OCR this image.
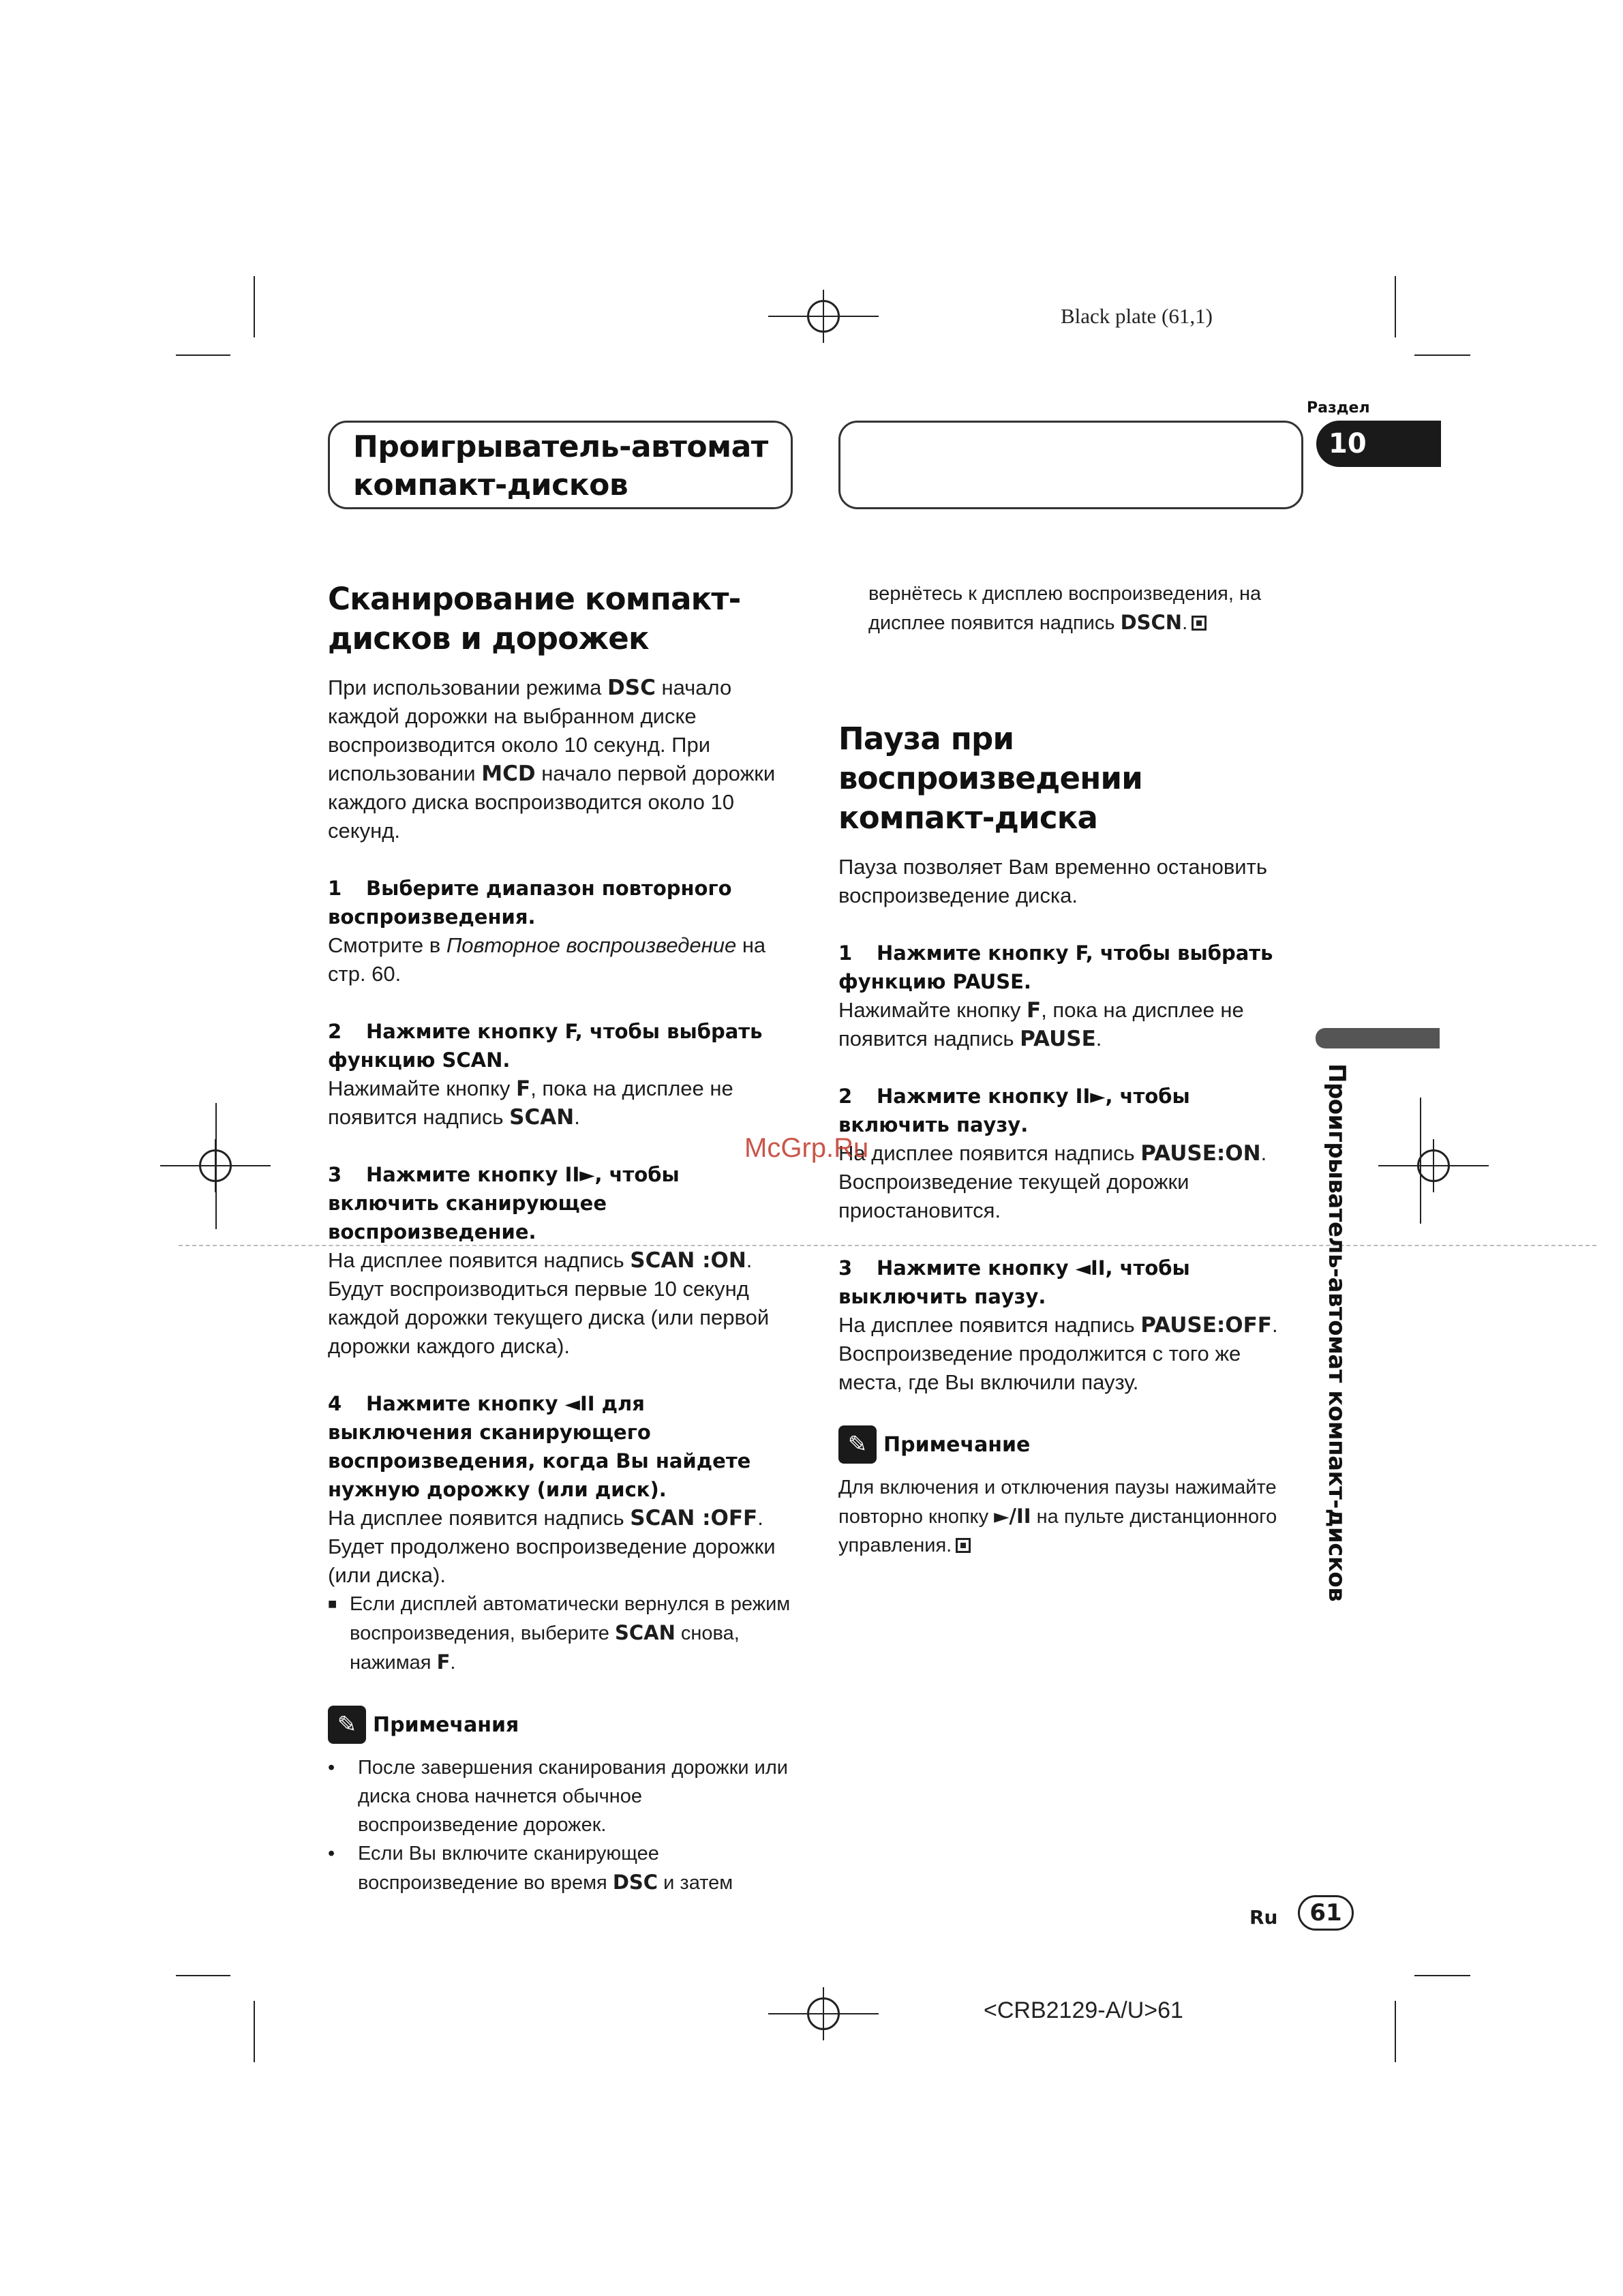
Black plate (61,1)
Проигрыватель-автомат
компакт-дисков
Раздел
10
Сканирование компакт-
дисков и дорожек

При использовании режима DSC начало каждой дорожки на выбранном диске воспроизводится около 10 секунд. При использовании MCD начало первой дорожки каждого диска воспроизводится около 10 секунд.

1 Выберите диапазон повторного воспроизведения.

Смотрите в Повторное воспроизведение на стр. 60.

2 Нажмите кнопку F, чтобы выбрать функцию SCAN.

Нажимайте кнопку F, пока на дисплее не появится надпись SCAN.

3 Нажмите кнопку II►, чтобы включить сканирующее воспроизведение.

На дисплее появится надпись SCAN :ON. Будут воспроизводиться первые 10 секунд каждой дорожки текущего диска (или первой дорожки каждого диска).

4 Нажмите кнопку ◄II для выключения сканирующего воспроизведения, когда Вы найдете нужную дорожку (или диск).

На дисплее появится надпись SCAN :OFF. Будет продолжено воспроизведение дорожки (или диска).

■ Если дисплей автоматически вернулся в режим воспроизведения, выберите SCAN снова, нажимая F.

✎ Примечания
•	После завершения сканирования дорожки или диска снова начнется обычное воспроизведение дорожек.

•	Если Вы включите сканирующее воспроизведение во время DSC и затем

вернётесь к дисплею воспроизведения, на дисплее появится надпись DSCN.

Пауза при воспроизведении
компакт-диска

Пауза позволяет Вам временно остановить воспроизведение диска.

1 Нажмите кнопку F, чтобы выбрать функцию PAUSE.

Нажимайте кнопку F, пока на дисплее не появится надпись PAUSE.

2 Нажмите кнопку II►, чтобы включить паузу.

На дисплее появится надпись PAUSE:ON. Воспроизведение текущей дорожки приостановится.

3 Нажмите кнопку ◄II, чтобы выключить паузу.

На дисплее появится надпись PAUSE:OFF. Воспроизведение продолжится с того же места, где Вы включили паузу.

✎ Примечание

Для включения и отключения паузы нажимайте повторно кнопку ►/II на пульте дистанционного управления.	Проигрыватель-автомат компакт-дисков
McGrp.Ru
Ru 61
<CRB2129-A/U>61
